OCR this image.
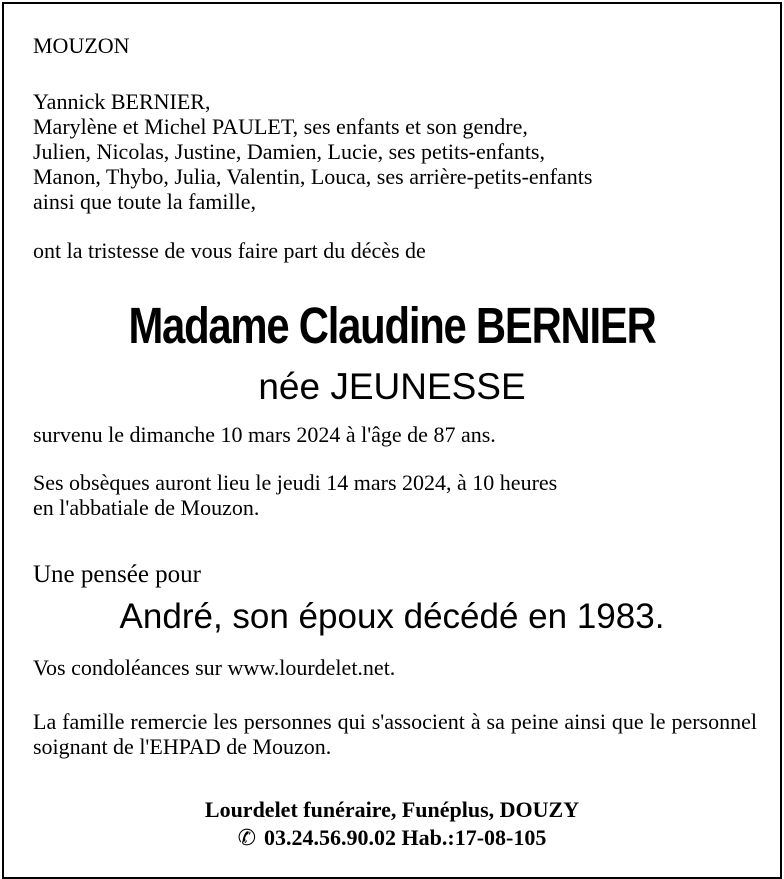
MOUZON
Yannick BERNIER,
Marylène et Michel PAULET, ses enfants et son gendre,
Julien, Nicolas, Justine, Damien, Lucie, ses petits-enfants,
Manon, Thybo, Julia, Valentin, Louca, ses arrière-petits-enfants
ainsi que toute la famille,
ont la tristesse de vous faire part du décès de
Madame Claudine BERNIER
née JEUNESSE
survenu le dimanche 10 mars 2024 à l'âge de 87 ans.
Ses obsèques auront lieu le jeudi 14 mars 2024, à 10 heures
en l'abbatiale de Mouzon.
Une pensée pour
André, son époux décédé en 1983.
Vos condoléances sur www.lourdelet.net.
La famille remercie les personnes qui s'associent à sa peine ainsi que le personnel soignant de l'EHPAD de Mouzon.
Lourdelet funéraire, Funéplus, DOUZY
✆ 03.24.56.90.02 Hab.:17-08-105
